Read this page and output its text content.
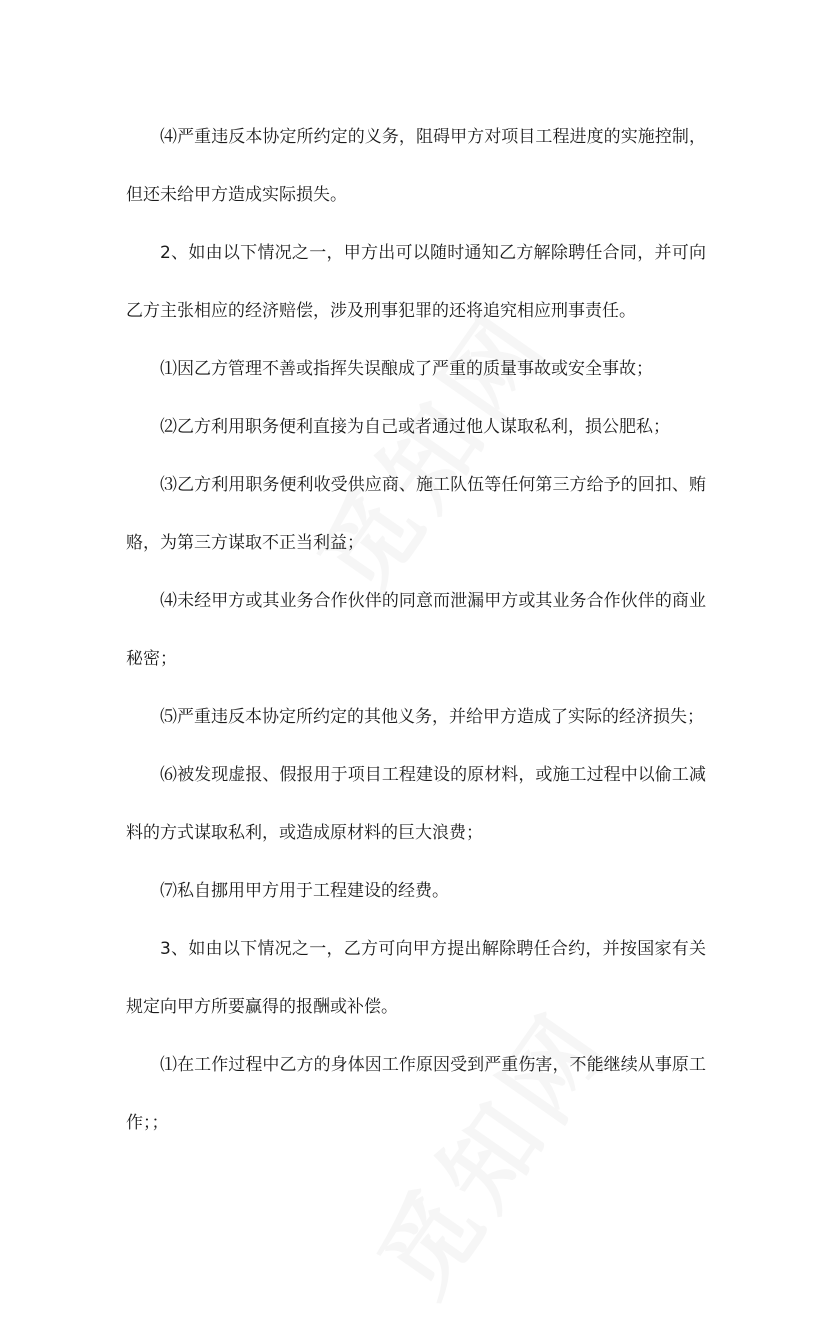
⑷严重违反本协定所约定的义务，阻碍甲方对项目工程进度的实施控制，但还未给甲方造成实际损失。

2、如由以下情况之一，甲方出可以随时通知乙方解除聘任合同，并可向乙方主张相应的经济赔偿，涉及刑事犯罪的还将追究相应刑事责任。

⑴因乙方管理不善或指挥失误酿成了严重的质量事故或安全事故；

⑵乙方利用职务便利直接为自己或者通过他人谋取私利，损公肥私；

⑶乙方利用职务便利收受供应商、施工队伍等任何第三方给予的回扣、贿赂，为第三方谋取不正当利益；

⑷未经甲方或其业务合作伙伴的同意而泄漏甲方或其业务合作伙伴的商业秘密；

⑸严重违反本协定所约定的其他义务，并给甲方造成了实际的经济损失；

⑹被发现虚报、假报用于项目工程建设的原材料，或施工过程中以偷工减料的方式谋取私利，或造成原材料的巨大浪费；

⑺私自挪用甲方用于工程建设的经费。

3、如由以下情况之一，乙方可向甲方提出解除聘任合约，并按国家有关规定向甲方所要赢得的报酬或补偿。

⑴在工作过程中乙方的身体因工作原因受到严重伤害，不能继续从事原工作；；
